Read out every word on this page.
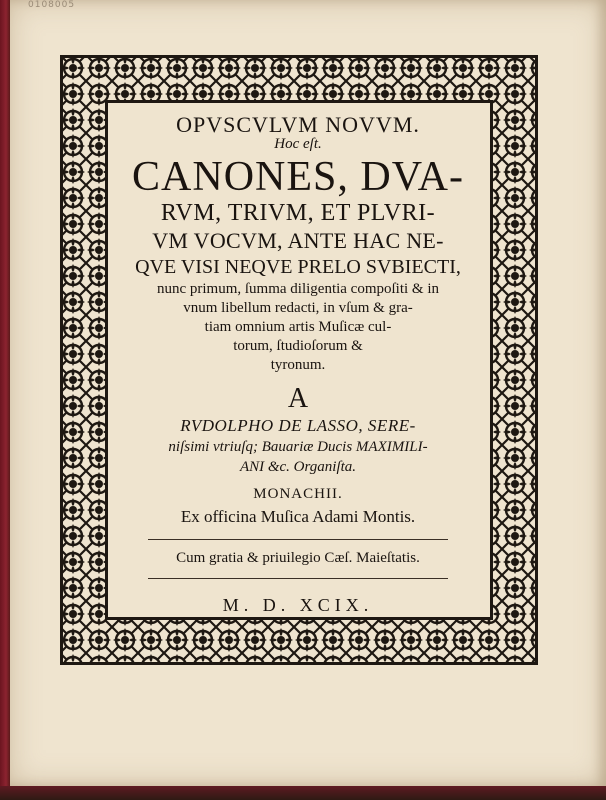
0108005
OPVSCVLVM NOVVM.
Hoc eſt.
CANONES, DVA-
RVM, TRIVM, ET PLVRI-
VM VOCVM, ANTE HAC NE-
QVE VISI NEQVE PRELO SVBIECTI,
nunc primum, ſumma diligentia compoſiti & in
vnum libellum redacti, in vſum & gra-
tiam omnium artis Muſicæ cul-
torum, ſtudioſorum &
tyronum.
A
RVDOLPHO DE LASSO, SERE-
niſsimi vtriuſq; Bauariæ Ducis MAXIMILI-
ANI &c. Organiſta.
MONACHII.
Ex officina Muſica Adami Montis.
Cum gratia & priuilegio Cæſ. Maieſtatis.
M. D. XCIX.
